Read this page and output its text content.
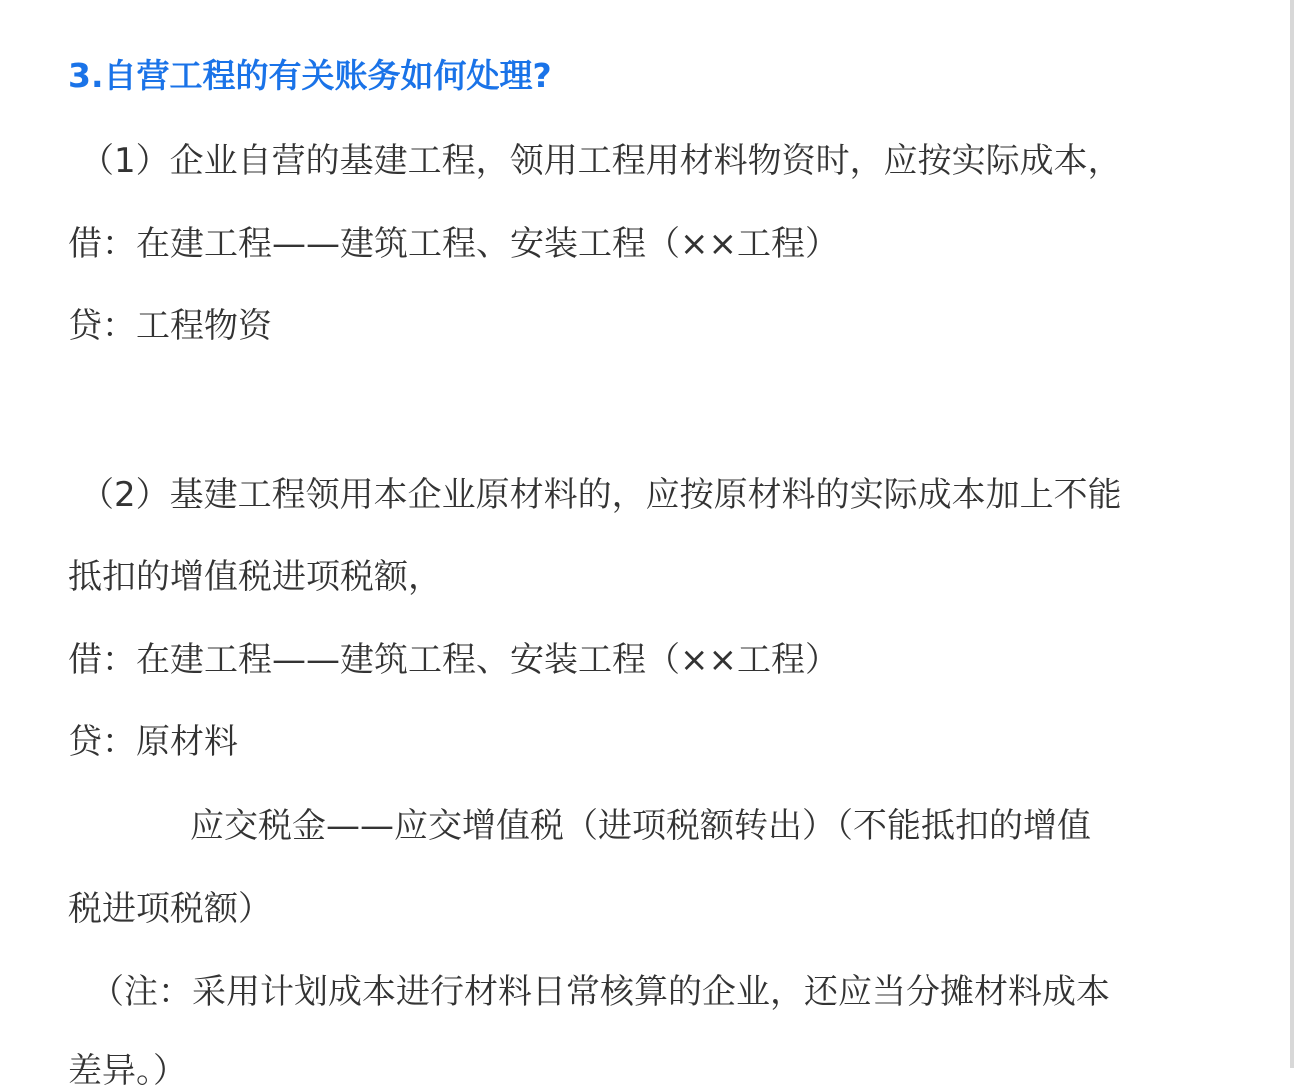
3.自营工程的有关账务如何处理?
（1）企业自营的基建工程，领用工程用材料物资时，应按实际成本，
借：在建工程——建筑工程、安装工程（××工程）
贷：工程物资
（2）基建工程领用本企业原材料的，应按原材料的实际成本加上不能
抵扣的增值税进项税额，
借：在建工程——建筑工程、安装工程（××工程）
贷：原材料
应交税金——应交增值税（进项税额转出）（不能抵扣的增值
税进项税额）
（注：采用计划成本进行材料日常核算的企业，还应当分摊材料成本
差异。）
